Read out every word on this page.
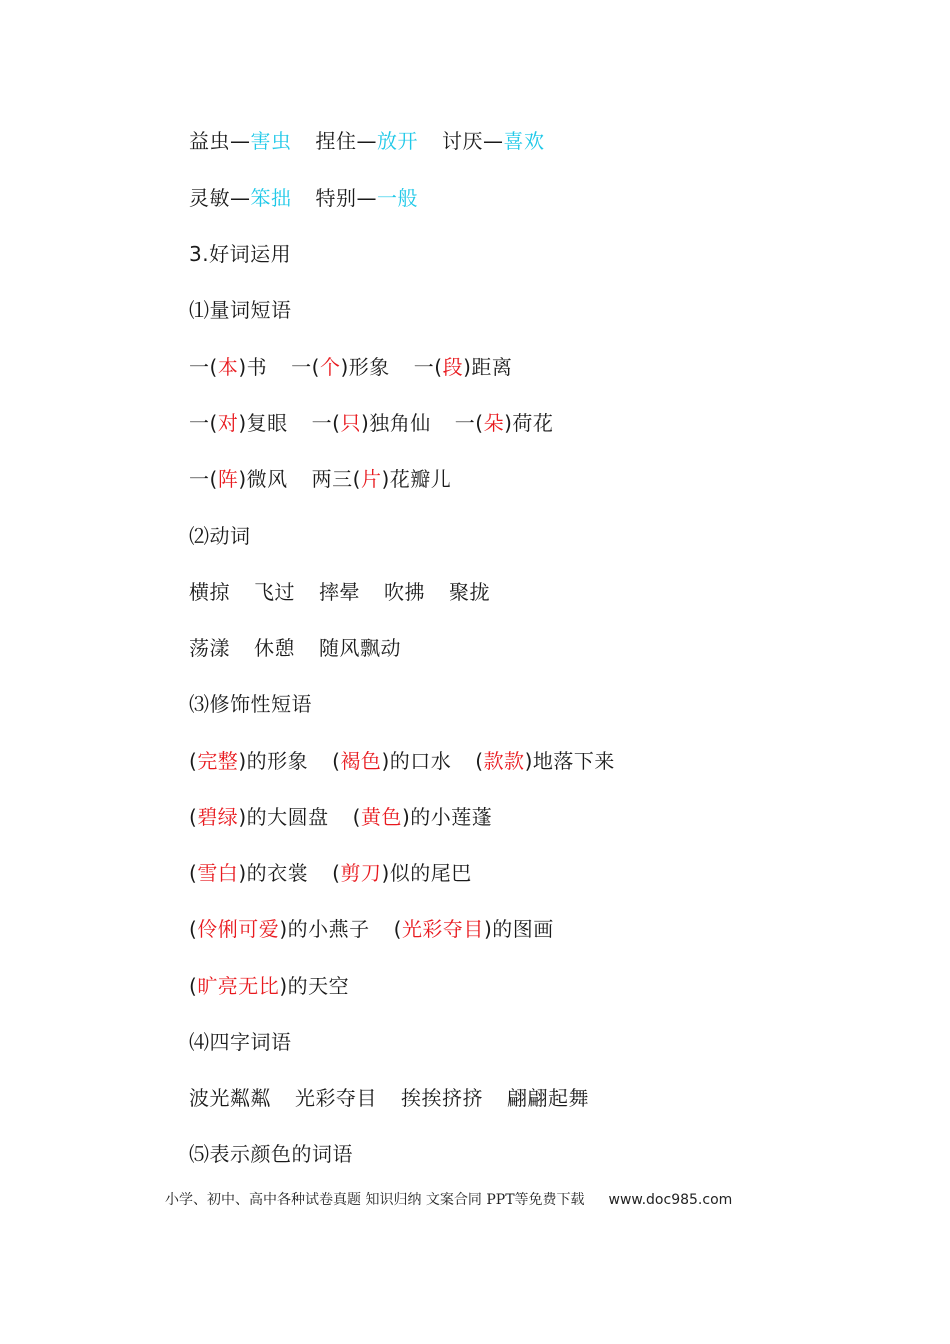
益虫—害虫 捏住—放开 讨厌—喜欢
灵敏—笨拙 特别—一般
3.好词运用
⑴量词短语
一(本)书 一(个)形象 一(段)距离
一(对)复眼 一(只)独角仙 一(朵)荷花
一(阵)微风 两三(片)花瓣儿
⑵动词
横掠 飞过 摔晕 吹拂 聚拢
荡漾 休憩 随风飘动
⑶修饰性短语
(完整)的形象 (褐色)的口水 (款款)地落下来
(碧绿)的大圆盘 (黄色)的小莲蓬
(雪白)的衣裳 (剪刀)似的尾巴
(伶俐可爱)的小燕子 (光彩夺目)的图画
(旷亮无比)的天空
⑷四字词语
波光粼粼 光彩夺目 挨挨挤挤 翩翩起舞
⑸表示颜色的词语
小学、初中、高中各种试卷真题 知识归纳 文案合同 PPT等免费下载 www.doc985.com
